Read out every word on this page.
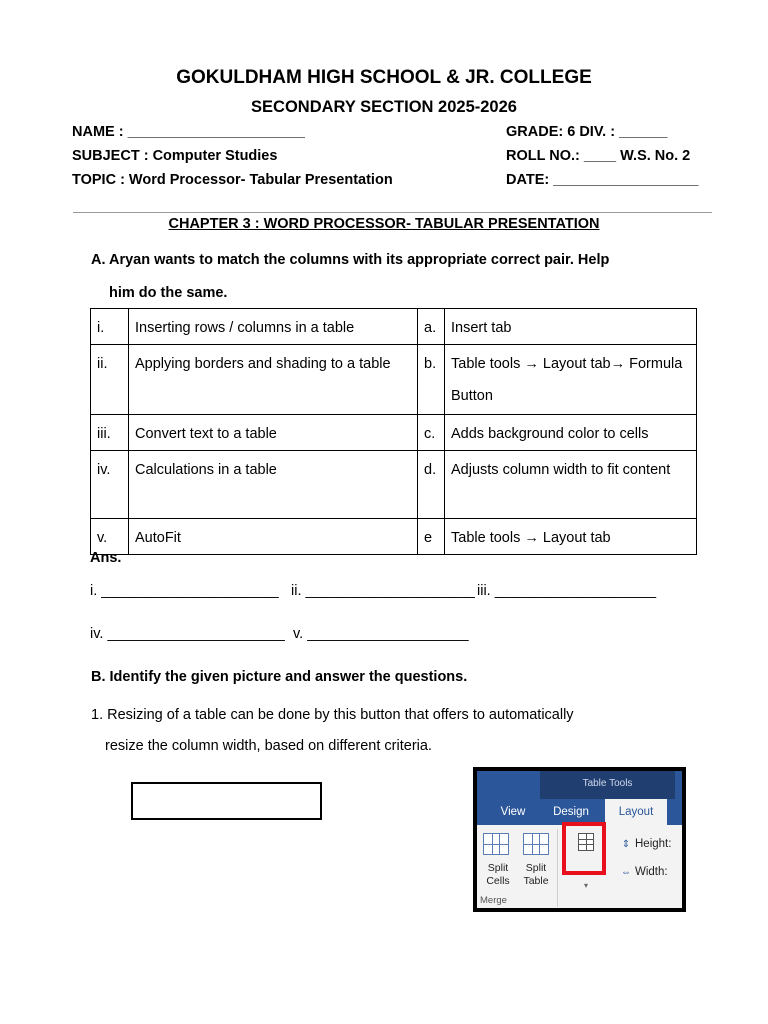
GOKULDHAM HIGH SCHOOL & JR. COLLEGE
SECONDARY SECTION 2025-2026
NAME : ______________________
SUBJECT : Computer Studies
TOPIC : Word Processor- Tabular Presentation
GRADE: 6 DIV. : ______
ROLL NO.: ____ W.S. No. 2
DATE: __________________
CHAPTER 3 : WORD PROCESSOR- TABULAR PRESENTATION
A. Aryan wants to match the columns with its appropriate correct pair. Help
him do the same.
i.	Inserting rows / columns in a table	a.	Insert tab
ii.	Applying borders and shading to a table	b.	Table tools → Layout tab→ Formula Button
iii.	Convert text to a table	c.	Adds background color to cells
iv.	Calculations in a table	d.	Adjusts column width to fit content
v.	AutoFit	e	Table tools → Layout tab
Ans.
i. ______________________ ii. _____________________ iii. ____________________
iv. ______________________ v. ____________________
B. Identify the given picture and answer the questions.
1. Resizing of a table can be done by this button that offers to automatically
resize the column width, based on different criteria.
Table Tools
View	Design	Layout
Split
Cells
Split
Table
Merge
▾
⇕ Height:
⇔ Width:
